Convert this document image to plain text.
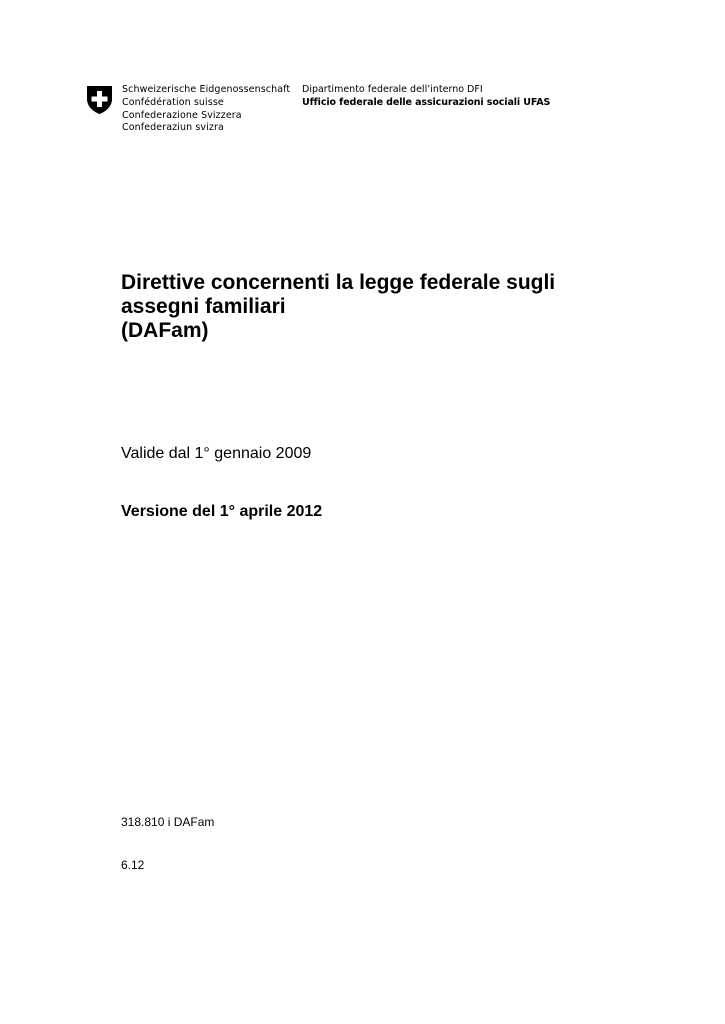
Schweizerische Eidgenossenschaft
Confédération suisse
Confederazione Svizzera
Confederaziun svizra
Dipartimento federale dell’interno DFI
Ufficio federale delle assicurazioni sociali UFAS
Direttive concernenti la legge federale sugli
assegni familiari
(DAFam)
Valide dal 1° gennaio 2009
Versione del 1° aprile 2012
318.810 i DAFam
6.12
